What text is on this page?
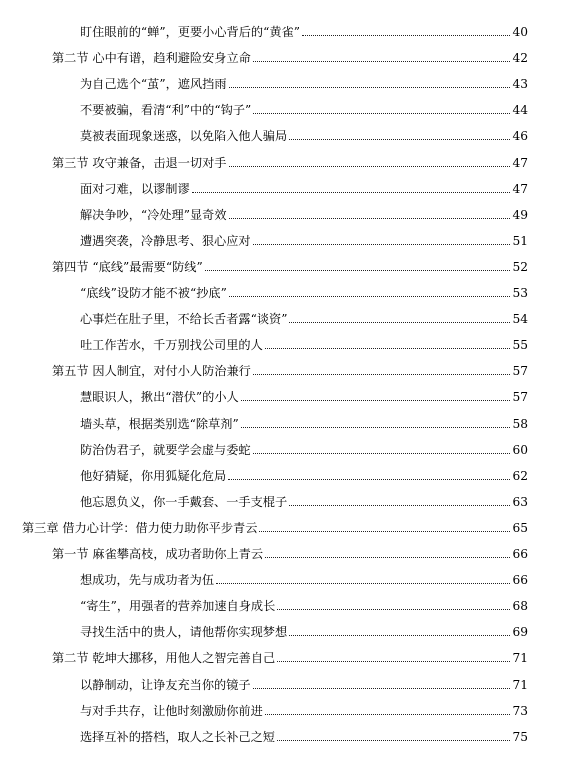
盯住眼前的“蝉”，更要小心背后的“黄雀”	40
第二节 心中有谱，趋利避险安身立命	42
为自己选个“茧”，遮风挡雨	43
不要被骗，看清“利”中的“钩子”	44
莫被表面现象迷惑，以免陷入他人骗局	46
第三节 攻守兼备，击退一切对手	47
面对刁难，以谬制谬	47
解决争吵，“冷处理”显奇效	49
遭遇突袭，冷静思考、狠心应对	51
第四节 “底线”最需要“防线”	52
“底线”设防才能不被“抄底”	53
心事烂在肚子里，不给长舌者露“谈资”	54
吐工作苦水，千万别找公司里的人	55
第五节 因人制宜，对付小人防治兼行	57
慧眼识人，揪出“潜伏”的小人	57
墙头草，根据类别选“除草剂”	58
防治伪君子，就要学会虚与委蛇	60
他好猜疑，你用狐疑化危局	62
他忘恩负义，你一手戴套、一手支棍子	63
第三章 借力心计学：借力使力助你平步青云	65
第一节 麻雀攀高枝，成功者助你上青云	66
想成功，先与成功者为伍	66
“寄生”，用强者的营养加速自身成长	68
寻找生活中的贵人，请他帮你实现梦想	69
第二节 乾坤大挪移，用他人之智完善自己	71
以静制动，让诤友充当你的镜子	71
与对手共存，让他时刻激励你前进	73
选择互补的搭档，取人之长补己之短	75
